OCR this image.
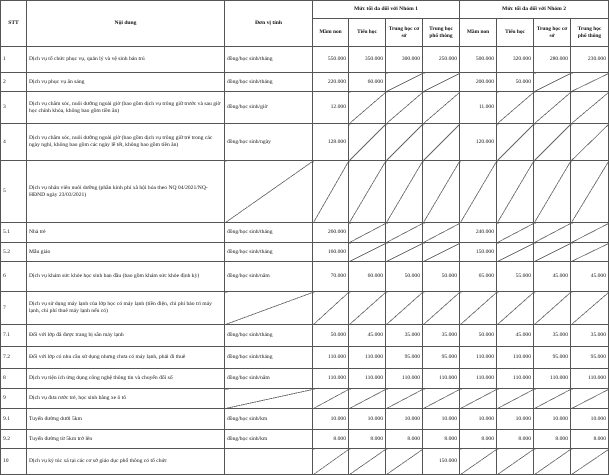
STT	Nội dung	Đơn vị tính	Mức tối đa đối với Nhóm 1				Mức tối đa đối với Nhóm 2			
			Mầm non	Tiểu học	Trung học cơ sở	Trung học phổ thông	Mầm non	Tiểu học	Trung học cơ sở	Trung học phổ thông
1	Dịch vụ tổ chức phục vụ, quản lý và vệ sinh bán trú	đồng/học sinh/tháng	550.000	350.000	300.000	250.000	500.000	320.000	280.000	230.000
2	Dịch vụ phục vụ ăn sáng	đồng/học sinh/tháng	220.000	60.000			200.000	50.000		
3	Dịch vụ chăm sóc, nuôi dưỡng ngoài giờ (bao gồm dịch vụ trông giữ trước và sau giờ học chính khóa, không bao gồm tiền ăn)	đồng/học sinh/giờ	12.000				11.000			
4	Dịch vụ chăm sóc, nuôi dưỡng ngoài giờ (bao gồm dịch vụ trông giữ trẻ trong các ngày nghỉ, không bao gồm các ngày lễ tết, không bao gồm tiền ăn)	đồng/học sinh/ngày	128.000				120.000			
5	Dịch vụ nhân viên nuôi dưỡng (phần kinh phí xã hội hóa theo NQ 04/2021/NQ-HĐND ngày 23/03/2021)									
5.1	Nhà trẻ	đồng/học sinh/tháng	260.000				240.000			
5.2	Mẫu giáo	đồng/học sinh/tháng	160.000				150.000			
6	Dịch vụ khám sức khỏe học sinh ban đầu (bao gồm khám sức khỏe định kỳ)	đồng/học sinh/năm	70.000	60.000	50.000	50.000	65.000	55.000	45.000	45.000
7	Dịch vụ sử dụng máy lạnh của lớp học có máy lạnh (tiền điện, chi phí bảo trì máy lạnh, chi phí thuê máy lạnh nếu có)									
7.1	Đối với lớp đã được trang bị sẵn máy lạnh	đồng/học sinh/tháng	50.000	45.000	35.000	35.000	50.000	45.000	35.000	35.000
7.2	Đối với lớp có nhu cầu sử dụng nhưng chưa có máy lạnh, phải đi thuê	đồng/học sinh/tháng	110.000	110.000	95.000	95.000	110.000	110.000	95.000	95.000
8	Dịch vụ tiện ích ứng dụng công nghệ thông tin và chuyển đổi số	đồng/học sinh/năm	110.000	110.000	110.000	110.000	110.000	110.000	110.000	110.000
9	Dịch vụ đưa rước trẻ, học sinh bằng xe ô tô									
9.1	Tuyến đường dưới 5km	đồng/học sinh/km	10.000	10.000	10.000	10.000	10.000	10.000	10.000	10.000
9.2	Tuyến đường từ 5km trở lên	đồng/học sinh/km	8.000	8.000	8.000	8.000	8.000	8.000	8.000	8.000
10	Dịch vụ ký túc xá tại các cơ sở giáo dục phổ thông có tổ chức					150.000				
